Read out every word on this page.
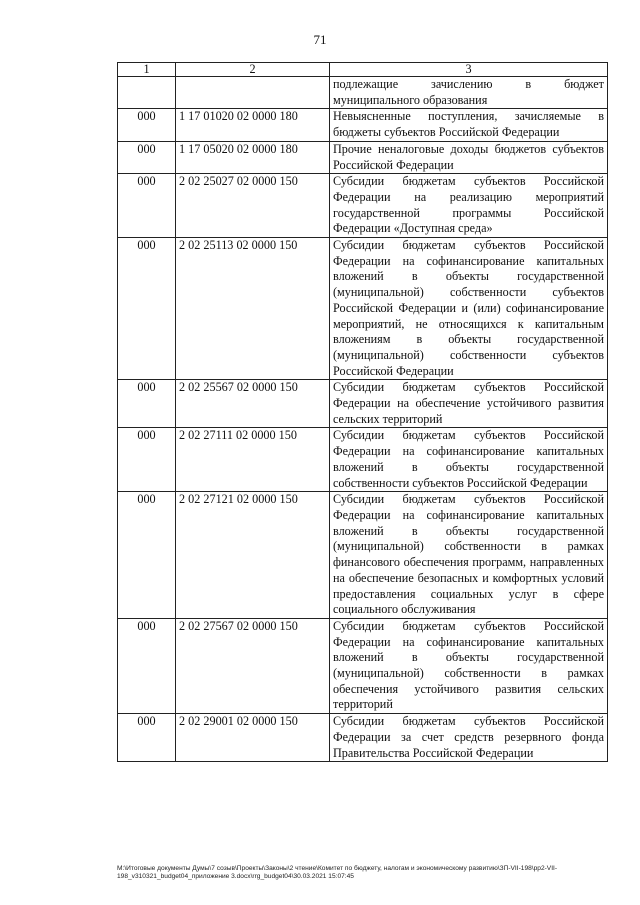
71
1	2	3
		подлежащие зачислению в бюджет муниципального образования
000	1 17 01020 02 0000 180	Невыясненные поступления, зачисляемые в бюджеты субъектов Российской Федерации
000	1 17 05020 02 0000 180	Прочие неналоговые доходы бюджетов субъектов Российской Федерации
000	2 02 25027 02 0000 150	Субсидии бюджетам субъектов Российской Федерации на реализацию мероприятий государственной программы Российской Федерации «Доступная среда»
000	2 02 25113 02 0000 150	Субсидии бюджетам субъектов Российской Федерации на софинансирование капитальных вложений в объекты государственной (муниципальной) собственности субъектов Российской Федерации и (или) софинансирование мероприятий, не относящихся к капитальным вложениям в объекты государственной (муниципальной) собственности субъектов Российской Федерации
000	2 02 25567 02 0000 150	Субсидии бюджетам субъектов Российской Федерации на обеспечение устойчивого развития сельских территорий
000	2 02 27111 02 0000 150	Субсидии бюджетам субъектов Российской Федерации на софинансирование капитальных вложений в объекты государственной собственности субъектов Российской Федерации
000	2 02 27121 02 0000 150	Субсидии бюджетам субъектов Российской Федерации на софинансирование капитальных вложений в объекты государственной (муниципальной) собственности в рамках финансового обеспечения программ, направленных на обеспечение безопасных и комфортных условий предоставления социальных услуг в сфере социального обслуживания
000	2 02 27567 02 0000 150	Субсидии бюджетам субъектов Российской Федерации на софинансирование капитальных вложений в объекты государственной (муниципальной) собственности в рамках обеспечения устойчивого развития сельских территорий
000	2 02 29001 02 0000 150	Субсидии бюджетам субъектов Российской Федерации за счет средств резервного фонда Правительства Российской Федерации
M:\Итоговые документы Думы\7 созыв\Проекты\Законы\2 чтение\Комитет по бюджету, налогам и экономическому развитию\ЗП-VII-198\рр2-VII-
198_v310321_budget04_приложение 3.docx\rrg_budget04\30.03.2021 15:07:45
